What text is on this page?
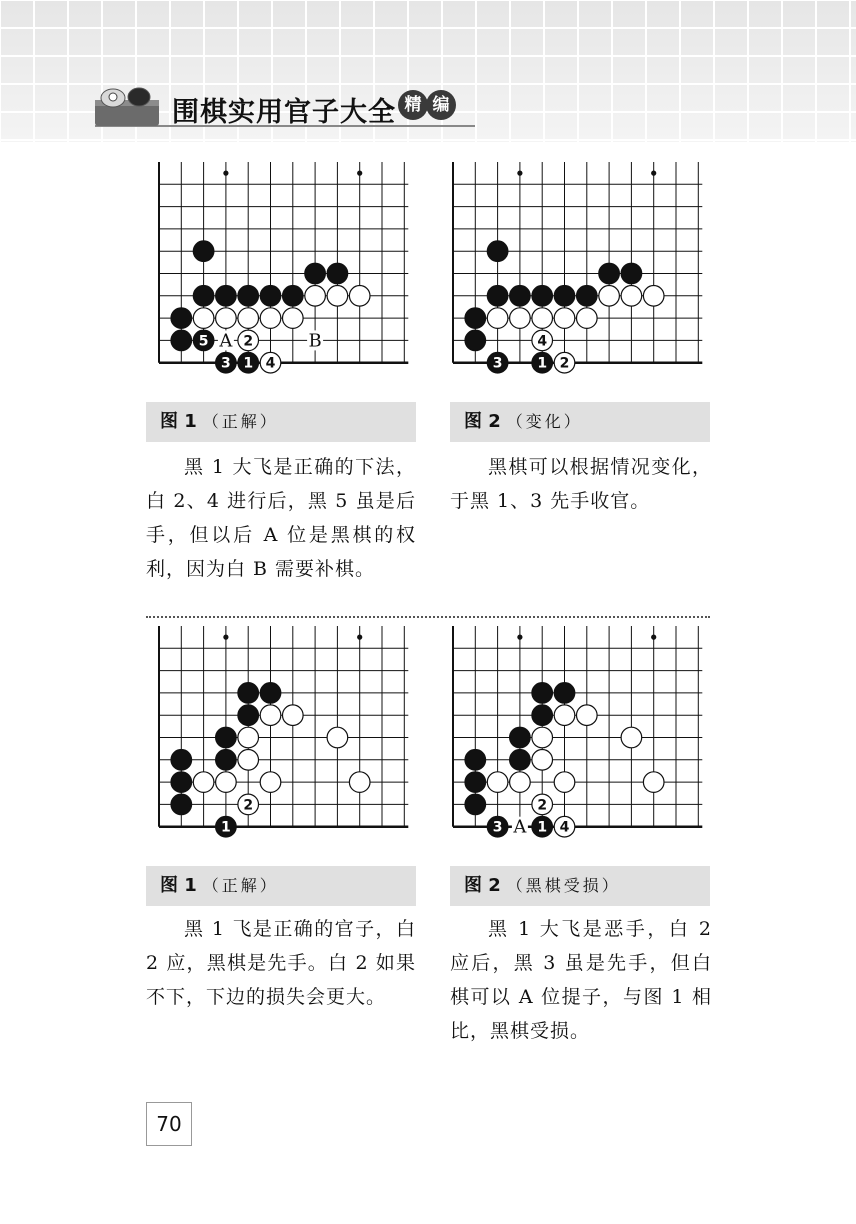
围棋实用官子大全 精 编
5 2
3 1 4
A	B	4
3 1 2
图 1 （正解）	图 2 （变化）
黑 1 大飞是正确的下法，白 2、4 进行后，黑 5 虽是后手，但以后 A 位是黑棋的权利，因为白 B 需要补棋。
黑棋可以根据情况变化，于黑 1、3 先手收官。
2
1
2
3 1 4
A
图 1 （正解）	图 2 （黑棋受损）
黑 1 飞是正确的官子，白 2 应，黑棋是先手。白 2 如果不下，下边的损失会更大。
黑 1 大飞是恶手，白 2 应后，黑 3 虽是先手，但白棋可以 A 位提子，与图 1 相比，黑棋受损。
70
